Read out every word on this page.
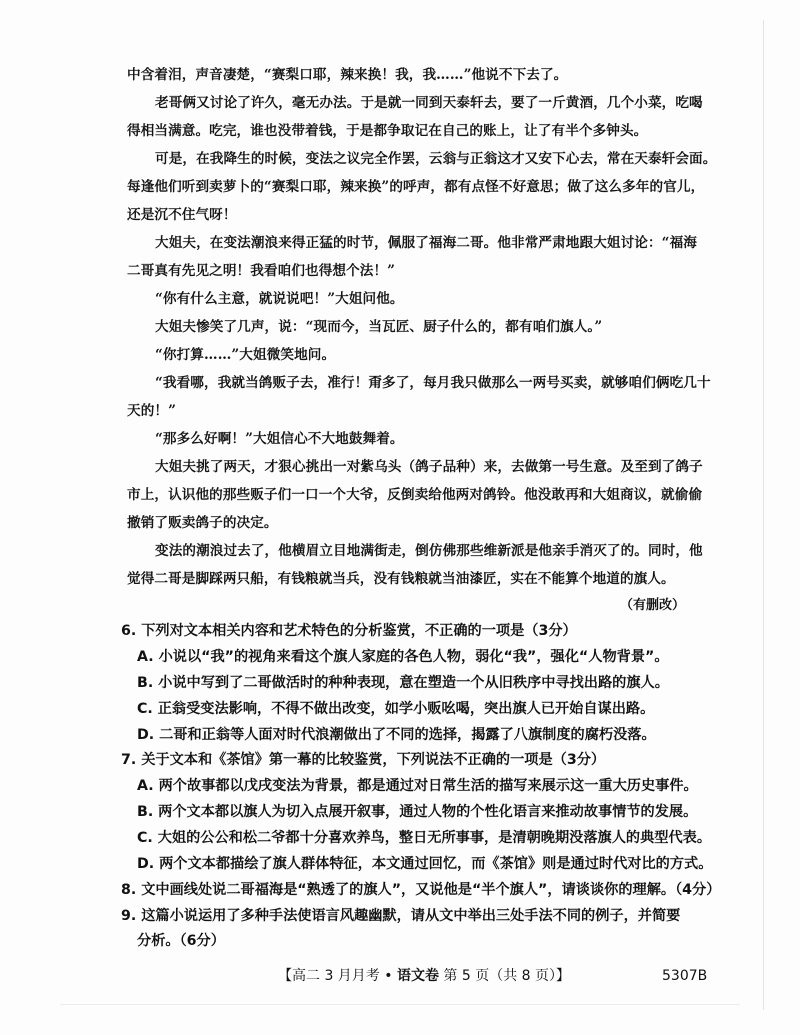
中含着泪，声音凄楚，“赛梨口耶，辣来换！我，我……”他说不下去了。
老哥俩又讨论了许久，毫无办法。于是就一同到天泰轩去，要了一斤黄酒，几个小菜，吃喝
得相当满意。吃完，谁也没带着钱，于是都争取记在自己的账上，让了有半个多钟头。
可是，在我降生的时候，变法之议完全作罢，云翁与正翁这才又安下心去，常在天泰轩会面。
每逢他们听到卖萝卜的“赛梨口耶，辣来换”的呼声，都有点怪不好意思；做了这么多年的官儿，
还是沉不住气呀！
大姐夫，在变法潮浪来得正猛的时节，佩服了福海二哥。他非常严肃地跟大姐讨论：“福海
二哥真有先见之明！我看咱们也得想个法！”
“你有什么主意，就说说吧！”大姐问他。
大姐夫惨笑了几声，说：“现而今，当瓦匠、厨子什么的，都有咱们旗人。”
“你打算……”大姐微笑地问。
“我看哪，我就当鸽贩子去，准行！甭多了，每月我只做那么一两号买卖，就够咱们俩吃几十
天的！”
“那多么好啊！”大姐信心不大地鼓舞着。
大姐夫挑了两天，才狠心挑出一对紫乌头（鸽子品种）来，去做第一号生意。及至到了鸽子
市上，认识他的那些贩子们一口一个大爷，反倒卖给他两对鸽铃。他没敢再和大姐商议，就偷偷
撤销了贩卖鸽子的决定。
变法的潮浪过去了，他横眉立目地满街走，倒仿佛那些维新派是他亲手消灭了的。同时，他
觉得二哥是脚踩两只船，有钱粮就当兵，没有钱粮就当油漆匠，实在不能算个地道的旗人。
（有删改）
6. 下列对文本相关内容和艺术特色的分析鉴赏，不正确的一项是（3分）
A. 小说以“我”的视角来看这个旗人家庭的各色人物，弱化“我”，强化“人物背景”。
B. 小说中写到了二哥做活时的种种表现，意在塑造一个从旧秩序中寻找出路的旗人。
C. 正翁受变法影响，不得不做出改变，如学小贩吆喝，突出旗人已开始自谋出路。
D. 二哥和正翁等人面对时代浪潮做出了不同的选择，揭露了八旗制度的腐朽没落。
7. 关于文本和《茶馆》第一幕的比较鉴赏，下列说法不正确的一项是（3分）
A. 两个故事都以戊戌变法为背景，都是通过对日常生活的描写来展示这一重大历史事件。
B. 两个文本都以旗人为切入点展开叙事，通过人物的个性化语言来推动故事情节的发展。
C. 大姐的公公和松二爷都十分喜欢养鸟，整日无所事事，是清朝晚期没落旗人的典型代表。
D. 两个文本都描绘了旗人群体特征，本文通过回忆，而《茶馆》则是通过时代对比的方式。
8. 文中画线处说二哥福海是“熟透了的旗人”，又说他是“半个旗人”，请谈谈你的理解。（4分）
9. 这篇小说运用了多种手法使语言风趣幽默，请从文中举出三处手法不同的例子，并简要
分析。（6分）
【高二 3 月月考 • 语文卷 第 5 页（共 8 页）】	5307B
